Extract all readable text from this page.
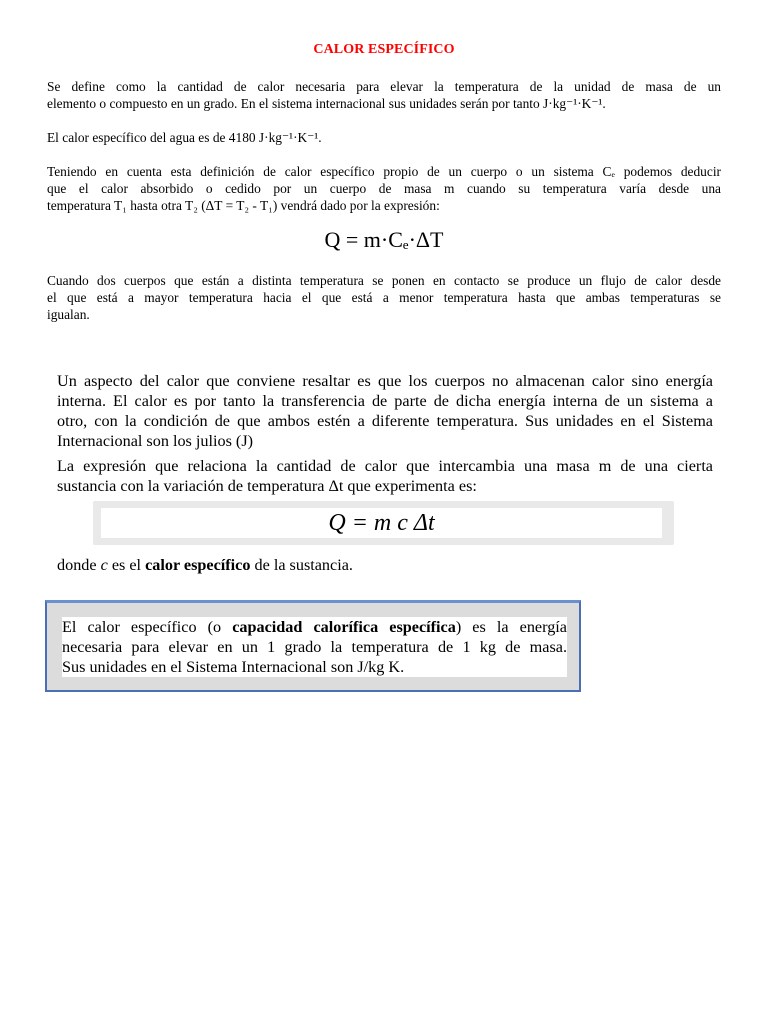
CALOR ESPECÍFICO

Se define como la cantidad de calor necesaria para elevar la temperatura de la unidad de masa de un
elemento o compuesto en un grado. En el sistema internacional sus unidades serán por tanto J·kg⁻¹·K⁻¹.

El calor específico del agua es de 4180 J·kg⁻¹·K⁻¹.

Teniendo en cuenta esta definición de calor específico propio de un cuerpo o un sistema Cₑ podemos deducir
que el calor absorbido o cedido por un cuerpo de masa m cuando su temperatura varía desde una
temperatura T₁ hasta otra T₂ (ΔT = T₂ - T₁) vendrá dado por la expresión:

Q = m·Cₑ·ΔT

Cuando dos cuerpos que están a distinta temperatura se ponen en contacto se produce un flujo de calor desde
el que está a mayor temperatura hacia el que está a menor temperatura hasta que ambas temperaturas se
igualan.

Un aspecto del calor que conviene resaltar es que los cuerpos no almacenan calor sino energía
interna. El calor es por tanto la transferencia de parte de dicha energía interna de un sistema a
otro, con la condición de que ambos estén a diferente temperatura. Sus unidades en el Sistema
Internacional son los julios (J)

La expresión que relaciona la cantidad de calor que intercambia una masa m de una cierta
sustancia con la variación de temperatura Δt que experimenta es:

Q = m c Δt

donde c es el calor específico de la sustancia.

El calor específico (o capacidad calorífica específica) es la energía
necesaria para elevar en un 1 grado la temperatura de 1 kg de masa.
Sus unidades en el Sistema Internacional son J/kg K.
